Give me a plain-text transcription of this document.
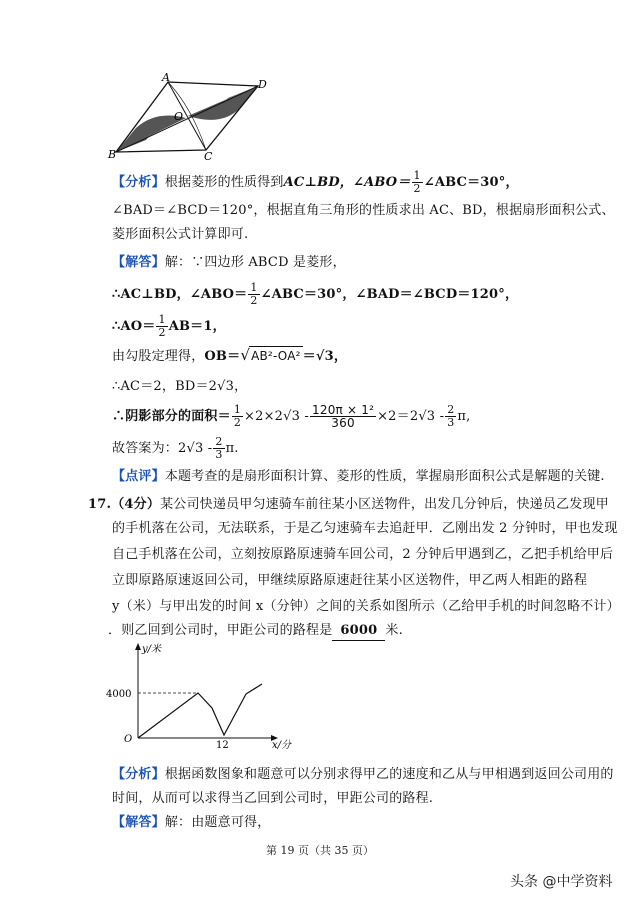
A
D
B	C
O
【分析】根据菱形的性质得到AC⊥BD，∠ABO＝ $\frac{1}{2}$ ∠ABC＝30°，
∠BAD＝∠BCD＝120°，根据直角三角形的性质求出 AC、BD，根据扇形面积公式、
菱形面积公式计算即可.
【解答】解：∵四边形 ABCD 是菱形，
∴AC⊥BD，∠ABO＝ $\frac{1}{2}$ ∠ABC＝30°，∠BAD＝∠BCD＝120°，
∴AO＝ $\frac{1}{2} AB=1$，
由勾股定理得，OB＝√AB²-OA² ＝√3，
∴AC＝2，BD＝2√3，
∴阴影部分的面积＝ $\frac{1}{2} \times 2\times 2√3 - \frac{\text{120π × 1²}}{360} \times 2=2√3 - \frac{2}{3} \pi$,
故答案为：$2√3 - \frac{2}{3} \pi$.
【点评】本题考查的是扇形面积计算、菱形的性质，掌握扇形面积公式是解题的关键.
17.（4分）某公司快递员甲匀速骑车前往某小区送物件，出发几分钟后，快递员乙发现甲
的手机落在公司，无法联系，于是乙匀速骑车去追赶甲．乙刚出发 2 分钟时，甲也发现
自己手机落在公司，立刻按原路原速骑车回公司，2 分钟后甲遇到乙，乙把手机给甲后
立即原路原速返回公司，甲继续原路原速赶往某小区送物件，甲乙两人相距的路程
y（米）与甲出发的时间 x（分钟）之间的关系如图所示（乙给甲手机的时间忽略不计）
．则乙回到公司时，甲距公司的路程是 6000 米.
y/米
x/分
4000
12
O
【分析】根据函数图象和题意可以分别求得甲乙的速度和乙从与甲相遇到返回公司用的
时间，从而可以求得当乙回到公司时，甲距公司的路程.
【解答】解：由题意可得，
第 19 页（共 35 页）
头条 @中学资料
